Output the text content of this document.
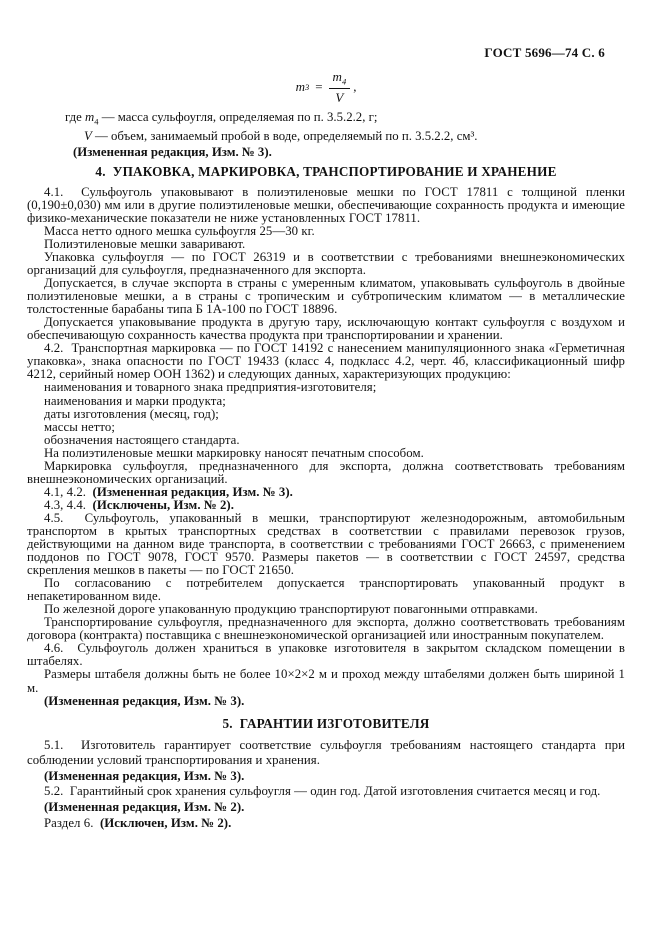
ГОСТ 5696—74 С. 6
m $3 = \frac{m_4}{V}$ ,
где $m_4$ — масса сульфоугля, определяемая по п. 3.5.2.2, г;
V — объем, занимаемый пробой в воде, определяемый по п. 3.5.2.2, см³.
(Измененная редакция, Изм. № 3).
4.  УПАКОВКА, МАРКИРОВКА, ТРАНСПОРТИРОВАНИЕ И ХРАНЕНИЕ

4.1.  Сульфоуголь упаковывают в полиэтиленовые мешки по ГОСТ 17811 с толщиной пленки (0,190±0,030) мм или в другие полиэтиленовые мешки, обеспечивающие сохранность продукта и имеющие физико-механические показатели не ниже установленных ГОСТ 17811.

Масса нетто одного мешка сульфоугля 25—30 кг.

Полиэтиленовые мешки заваривают.

Упаковка сульфоугля — по ГОСТ 26319 и в соответствии с требованиями внешнеэкономических организаций для сульфоугля, предназначенного для экспорта.

Допускается, в случае экспорта в страны с умеренным климатом, упаковывать сульфоуголь в двойные полиэтиленовые мешки, а в страны с тропическим и субтропическим климатом — в металлические толстостенные барабаны типа Б 1А-100 по ГОСТ 18896.

Допускается упаковывание продукта в другую тару, исключающую контакт сульфоугля с воздухом и обеспечивающую сохранность качества продукта при транспортировании и хранении.

4.2.  Транспортная маркировка — по ГОСТ 14192 с нанесением манипуляционного знака «Герметичная упаковка», знака опасности по ГОСТ 19433 (класс 4, подкласс 4.2, черт. 4б, классификационный шифр 4212, серийный номер ООН 1362) и следующих данных, характеризующих продукцию:

наименования и товарного знака предприятия-изготовителя;

наименования и марки продукта;

даты изготовления (месяц, год);

массы нетто;

обозначения настоящего стандарта.

На полиэтиленовые мешки маркировку наносят печатным способом.

Маркировка сульфоугля, предназначенного для экспорта, должна соответствовать требованиям внешнеэкономических организаций.

4.1, 4.2.  (Измененная редакция, Изм. № 3).

4.3, 4.4.  (Исключены, Изм. № 2).

4.5.  Сульфоуголь, упакованный в мешки, транспортируют железнодорожным, автомобильным транспортом в крытых транспортных средствах в соответствии с правилами перевозок грузов, действующими на данном виде транспорта, в соответствии с требованиями ГОСТ 26663, с применением поддонов по ГОСТ 9078, ГОСТ 9570. Размеры пакетов — в соответствии с ГОСТ 24597, средства скрепления мешков в пакеты — по ГОСТ 21650.

По согласованию с потребителем допускается транспортировать упакованный продукт в непакетированном виде.

По железной дороге упакованную продукцию транспортируют повагонными отправками.

Транспортирование сульфоугля, предназначенного для экспорта, должно соответствовать требованиям договора (контракта) поставщика с внешнеэкономической организацией или иностранным покупателем.

4.6.  Сульфоуголь должен храниться в упаковке изготовителя в закрытом складском помещении в штабелях.

Размеры штабеля должны быть не более 10×2×2 м и проход между штабелями должен быть шириной 1 м.

(Измененная редакция, Изм. № 3).

5.  ГАРАНТИИ ИЗГОТОВИТЕЛЯ

5.1.  Изготовитель гарантирует соответствие сульфоугля требованиям настоящего стандарта при соблюдении условий транспортирования и хранения.

(Измененная редакция, Изм. № 3).

5.2.  Гарантийный срок хранения сульфоугля — один год. Датой изготовления считается месяц и год.

(Измененная редакция, Изм. № 2).

Раздел 6.  (Исключен, Изм. № 2).
